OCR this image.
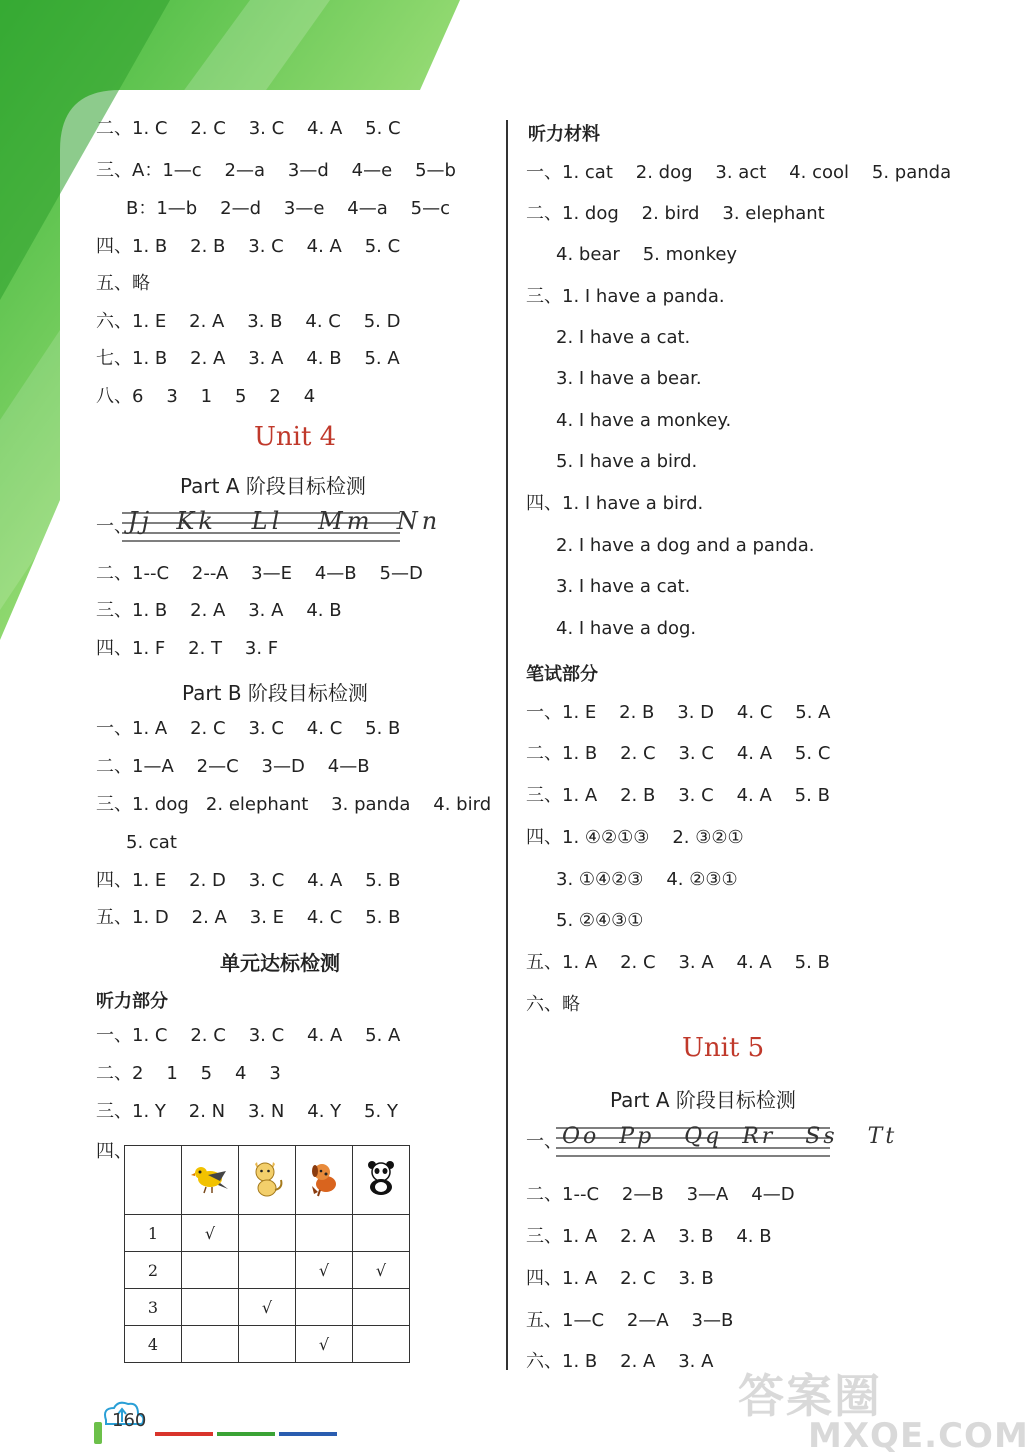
二、1. C    2. C    3. C    4. A    5. C
三、A：1—c    2—a    3—d    4—e    5—b
B：1—b    2—d    3—e    4—a    5—c
四、1. B    2. B    3. C    4. A    5. C
五、略
六、1. E    2. A    3. B    4. C    5. D
七、1. B    2. A    3. A    4. B    5. A
八、6    3    1    5    2    4
Unit 4
Part A 阶段目标检测
一、
Jj  Kk   Ll   Mm  Nn
二、1--C    2--A    3—E    4—B    5—D
三、1. B    2. A    3. A    4. B
四、1. F    2. T    3. F
Part B 阶段目标检测
一、1. A    2. C    3. C    4. C    5. B
二、1—A    2—C    3—D    4—B
三、1. dog   2. elephant    3. panda    4. bird
5. cat
四、1. E    2. D    3. C    4. A    5. B
五、1. D    2. A    3. E    4. C    5. B
单元达标检测
听力部分
一、1. C    2. C    3. C    4. A    5. A
二、2    1    5    4    3
三、1. Y    2. N    3. N    4. Y    5. Y
四、

1	√			
2			√	√
3		√		
4			√	
听力材料
一、1. cat    2. dog    3. act    4. cool    5. panda
二、1. dog    2. bird    3. elephant
4. bear    5. monkey
三、1. I have a panda.
2. I have a cat.
3. I have a bear.
4. I have a monkey.
5. I have a bird.
四、1. I have a bird.
2. I have a dog and a panda.
3. I have a cat.
4. I have a dog.
笔试部分
一、1. E    2. B    3. D    4. C    5. A
二、1. B    2. C    3. C    4. A    5. C
三、1. A    2. B    3. C    4. A    5. B
四、1. ④②①③    2. ③②①
3. ①④②③    4. ②③①
5. ②④③①
五、1. A    2. C    3. A    4. A    5. B
六、略
Unit 5
Part A 阶段目标检测
一、 Oo  Pp   Qq  Rr   Ss   Tt
二、1--C    2—B    3—A    4—D
三、1. A    2. A    3. B    4. B
四、1. A    2. C    3. B
五、1—C    2—A    3—B
六、1. B    2. A    3. A
160	答案圈
MXQE.COM
